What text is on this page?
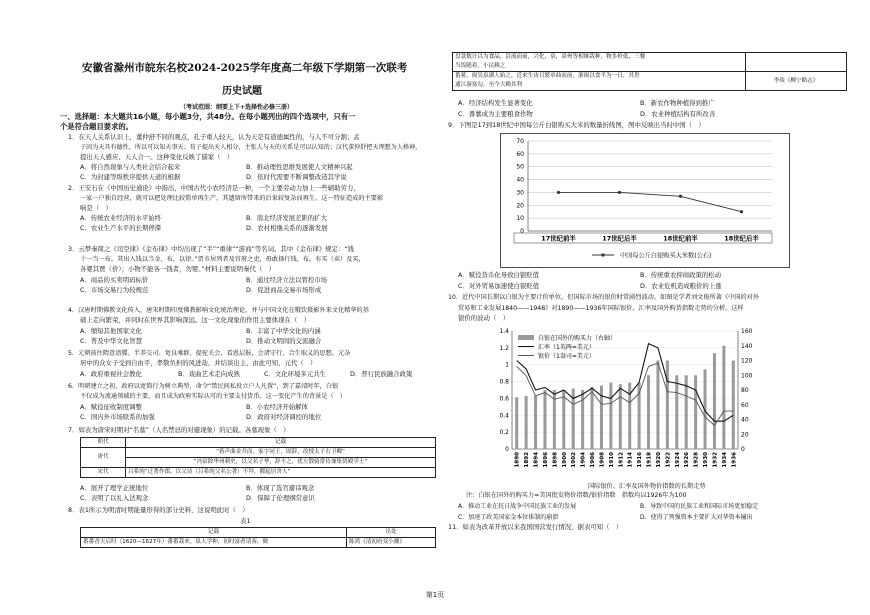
安徽省滁州市皖东名校2024-2025学年度高二年级下学期第一次联考
历史试题
（考试范围：纲要上下+选择性必修三册）
一、选择题：本大题共16小题，每小题3分，共48分。在每小题列出的四个选项中，只有一
个是符合题目要求的。
1．在天人关系认识上，董仲舒不同的观点，孔子重人轻天，认为天是有道德属性的，与人不可分割；孟
子因为天具有德性，所以可以知天事天；荀子提出天人相分，主张人与天的关系是可以认知的；汉代董仲舒把天理想为人格神，
提出天人感应、天人合一。这种变化反映了儒家（　）
A．将自然现象与人类社会结合起来	B．推动理性思维发展使人文精神兴起
C．为封建等级秩序提供天道的根据	D．依时代需要不断调整改造其学说
2．王安石在《中国历史通论》中指出，中国古代小农经济是一种，一个主要劳动力加上一些辅助劳力，
一家一户独自经营，就可以把处理比较简单再生产，其遗留所带来的后果较复杂而再生。这一特征造成的主要影
响是（　）
A．传统农业经济的水平始终	B．南北经济发展差距的扩大
C．农业生产水平的长期停滞	D．农村相继关系的逐渐发展
3．云梦秦简之《司空律》《金布律》中均出现了“半”“重律”“游商”等名词。其中《金布律》规定：“钱
十一当一布。其出入钱以当金、布，以律。”贾市居列者及官府之吏，毋敢择行钱、布。有买（卖）及买，
各婴其贾（价）；小物不能各一钱者，勿婴。”材料主要说明秦代（　）
A．商品的买卖明码标价	B．通过经济立法以管控市场
C．市场交易行为较规范	D．促进商品交易市场形成
4．汉唐时期佛教文化传入，唐宋时期印度佛教影响文化统治理论，并与中国文化在哦饮摄影外来文化精华的基
础上走向繁荣，并同时在世界其影响深远。这一文化现象的作用主要体现在（　）
A．缩短其他国家文化	B．丰富了中华文化的内涵
C．普及中华文化智慧	D．推动文明间的交流融合
5．元朝前往隋意谱牒、半养交司、宽良乘群、提驼关会，看恩层报，会诸守行，合生取义的思想。元杂
居中的众女子受到自由平，孝敬负担的风进劫、并结谈出主，由此可知，元代（　）
A．政府重视社会教化	B．戏曲艺术走向成熟	C．文化环境多元共生	D．普行民族融合政策
6．明朝建立之初，政府以宽简行为树立典型，命令“禁民间私役立户人凡置”，到了嘉靖时年，白银
不仅成为流通领域的主要，而且成为政府实际认可的主要支付货币。这一变化产生的背景是（　）
A．赋役征收制度调整	B．小农经济开始解体
C．国内外市场联系的加强	D．政府对经济调控的地位
7．如表为唐宋时期对“名墓”（人名禁忌的对避现象）的记载。各墓现象（　）
朝代	记载
唐代	“蒋声曲金井而，家字同王，固辞，改授太子右卫卿”
	“冯宿除华州刺史，以父名子华，辞不之，优左散骑常侍兼集贤殿学士”
宋代	吕希纯“迁著作郎，以父诗（吕希纯父名公著）不拜，擢起居舍人”
A．展开了理学正统地位	B．体现了选官避讳观念
C．表明了以礼入法观念	D．保障了伦理纲常意识
8．表1所示为明清时期能量形得的部分史料，这说明此时（　）
表1
记载	出处
番番香天启时（1620—1627年）番番栽来，泉人学种，初时富者请客，做	陈鸿《清初府变小骤》
盘款数计以为食品，沿流而前，兴化，泉，漳州等相继栽种，物多价低，三餐
当饭随着，小民赖之	

番薯，闽吴泉湖人始之，近来生齿日繁单曲而前，浙闽以食半为一日，其贵
通江游塞勾，至今大赖其利	李琰《柳宁略志》
A．经济结构发生显著变化	B．新农作物种植得到推广
C．番薯成为主要粮食作物	D．农业种植结构有所改善
9．下图是17到18世纪中国每公斤白银购买大米的数量折线图，图中反映出当时中国（　）
0
10
20
30
40
50
60
70
17世纪前半	17世纪后半	18世纪前半	18世纪后半
中国每公斤白银购买大米数(公石)
A．赋役货币化导致白银贬值	B．传统重农抑商政策的松动
C．对外贸易加速使白银贬值	D．农业危机造成粮价的上涨
10．近代中国长期以白银为主要计价单位，但国际市场的银价时常剧烈波动。如图是学者刘文俊所著《中国的对外
贸易和工业发展1840——1948》对1890——1936年国际银价、汇率及国外购货指数走势的分析。这样
银价的波动（　）
0
0.2
0.4
0.6
0.8
1
1.2
1.4
0
20
40
60
80
100
120
140
160
1890 1892 1894 1896 1898 1900 1902 1904 1906 1908 1910 1912 1914 1916 1918 1920 1922 1924 1926 1928 1930 1932 1934 1936
白银在国外的购买力（右轴）
汇率（1英两=美元）
银价（1盎司=美元）
国际银价、汇率及国外物价指数的长期走势
注：白银在国外的购买力=美国批发物价指数/银价指数　指数均以1926年为100
A．推动工业在抗日战争中国民族工业的发展	B．导致中国的民族工业和国际市场更加稳定
C．加速了政美国家金本位体制的崩溃	D．使得了列强资本主要扩大对华资本输出
11．如表为改革开放以来我国国营发行情况，据表可知（　）
第1页
